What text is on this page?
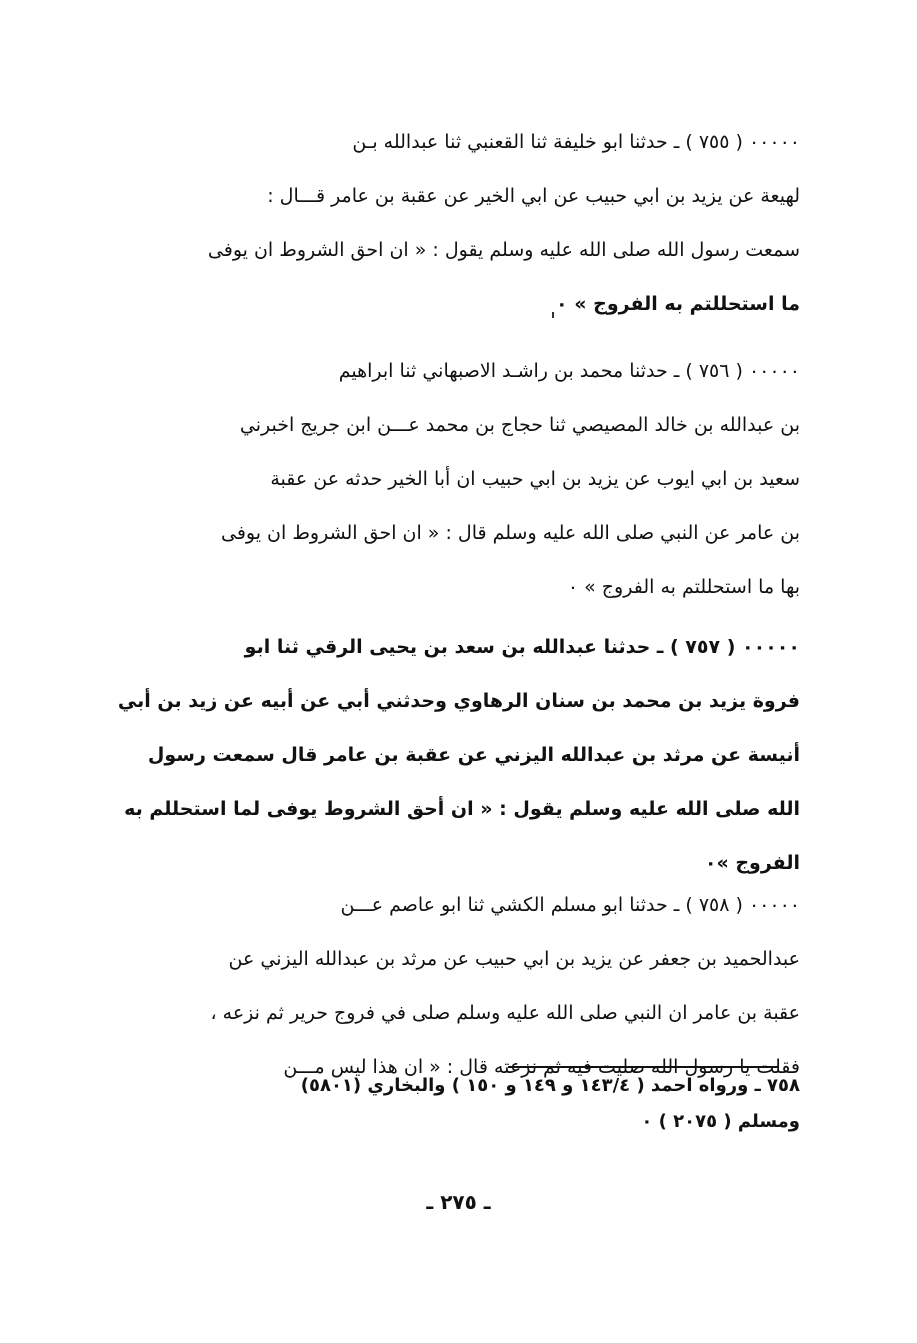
٠٠٠٠٠ ( ٧٥٥ ) ـ حدثنا ابو خليفة ثنا القعنبي ثنا عبدالله بـن
لهيعة عن يزيد بن ابي حبيب عن ابي الخير عن عقبة بن عامر قـــال :
سمعت رسول الله صلى الله عليه وسلم يقول : « ان احق الشروط ان يوفى
ما استحللتم به الفروج » ٠
٠٠٠٠٠ ( ٧٥٦ ) ـ حدثنا محمد بن راشـد الاصبهاني ثنا ابراهيم
بن عبدالله بن خالد المصيصي ثنا حجاج بن محمد عـــن ابن جريج اخبرني
سعيد بن ابي ايوب عن يزيد بن ابي حبيب ان أبا الخير حدثه عن عقبة
بن عامر عن النبي صلى الله عليه وسلم قال : « ان احق الشروط ان يوفى
بها ما استحللتم به الفروج » ٠
٠٠٠٠٠ ( ٧٥٧ ) ـ حدثنا عبدالله بن سعد بن يحيى الرقي ثنا ابو
فروة يزيد بن محمد بن سنان الرهاوي وحدثني أبي عن أبيه عن زيد بن أبي
أنيسة عن مرثد بن عبدالله اليزني عن عقبة بن عامر قال سمعت رسول
الله صلى الله عليه وسلم يقول : « ان أحق الشروط يوفى لما استحللم به
الفروج »٠
٠٠٠٠٠ ( ٧٥٨ ) ـ حدثنا ابو مسلم الكشي ثنا ابو عاصم عـــن
عبدالحميد بن جعفر عن يزيد بن ابي حبيب عن مرثد بن عبدالله اليزني عن
عقبة بن عامر ان النبي صلى الله عليه وسلم صلى في فروج حرير ثم نزعه ،
فقلت يا رسول الله صليت فيه ثم نزعته قال : « ان هذا ليس مـــن
٧٥٨ ـ ورواه احمد ( ١٤٣/٤ و ١٤٩ و ١٥٠ ) والبخاري (٥٨٠١)
ومسلم ( ٢٠٧٥ ) ٠
ـ ٢٧٥ ـ
